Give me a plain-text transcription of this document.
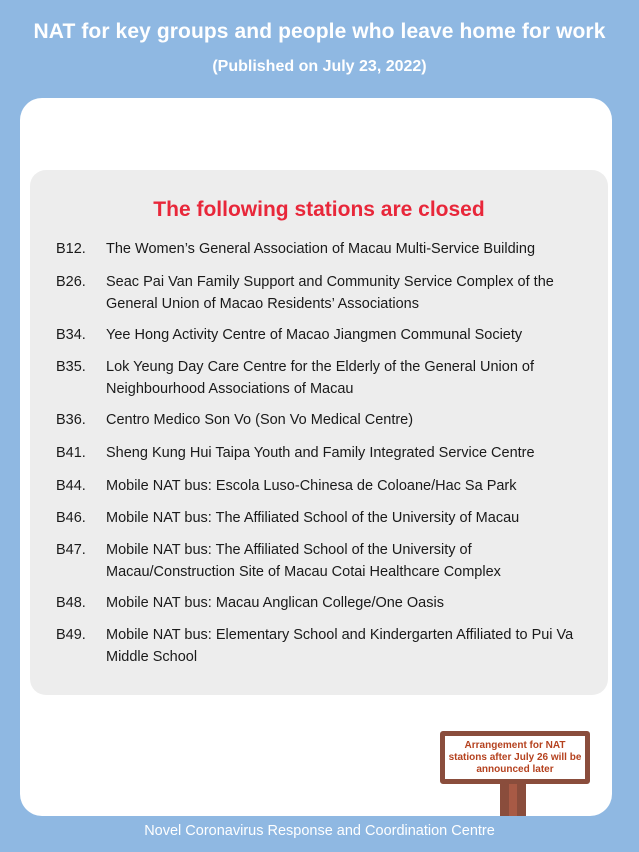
NAT for key groups and people who leave home for work
(Published on July 23, 2022)
The following stations are closed
B12. The Women’s General Association of Macau Multi-Service Building
B26. Seac Pai Van Family Support and Community Service Complex of the General Union of Macao Residents’ Associations
B34. Yee Hong Activity Centre of Macao Jiangmen Communal Society
B35. Lok Yeung Day Care Centre for the Elderly of the General Union of Neighbourhood Associations of Macau
B36. Centro Medico Son Vo (Son Vo Medical Centre)
B41. Sheng Kung Hui Taipa Youth and Family Integrated Service Centre
B44. Mobile NAT bus: Escola Luso-Chinesa de Coloane/Hac Sa Park
B46. Mobile NAT bus: The Affiliated School of the University of Macau
B47. Mobile NAT bus: The Affiliated School of the University of Macau/Construction Site of Macau Cotai Healthcare Complex
B48. Mobile NAT bus: Macau Anglican College/One Oasis
B49. Mobile NAT bus: Elementary School and Kindergarten Affiliated to Pui Va Middle School
Arrangement for NAT stations after July 26 will be announced later
Novel Coronavirus Response and Coordination Centre
